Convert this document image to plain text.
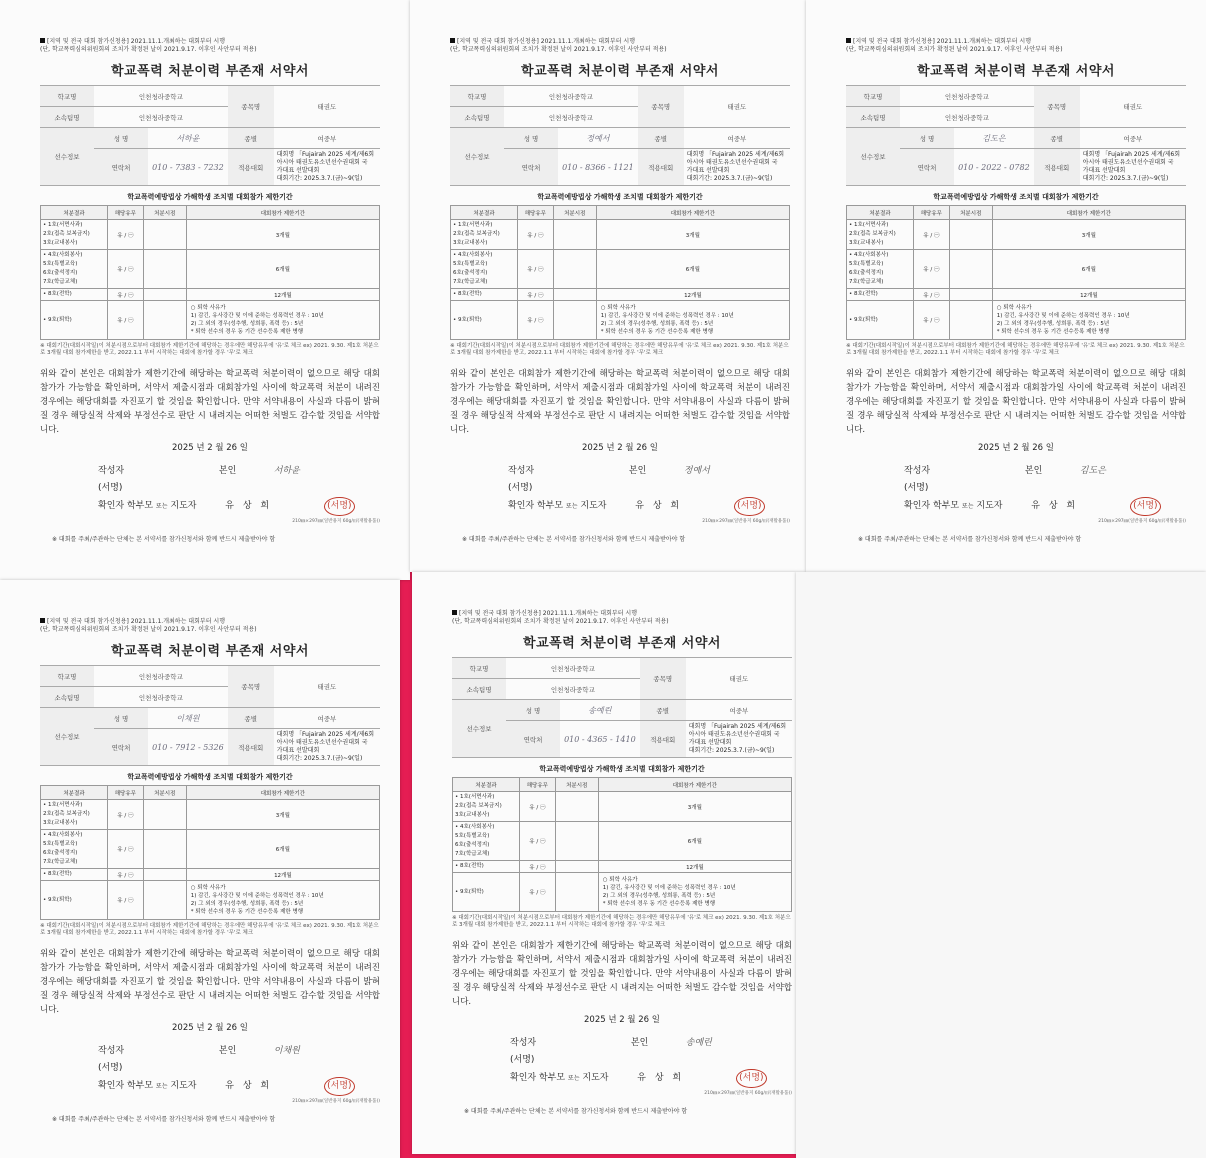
[지역 및 전국 대회 참가신청용] 2021.11.1.개최하는 대회부터 시행
(단, 학교폭력심의위원회의 조치가 확정된 날이 2021.9.17. 이후인 사안부터 적용)
학교폭력 처분이력 부존재 서약서
학교명	인천청라중학교		종목명	태권도
소속팀명	인천청라중학교			
선수정보	성 명	서하윤	종별	여중부
	연락처	010 - 7383 - 7232	적용대회	대회명 「Fujairah 2025 세계/제6회
아시아 태권도유소년선수권대회 국
가대표 선발대회
대회기간: 2025.3.7.(금)~9(일)
학교폭력예방법상 가해학생 조치별 대회참가 제한기간
처분결과	해당유무	처분시점	대회참가 제한기간

• 1호(서면사과)
2호(접촉 보복금지)
3호(교내봉사)	유 / ㊀		3개월

• 4호(사회봉사)
5호(특별교육)
6호(출석정지)
7호(학급교체)	유 / ㊀		6개월
• 8호(전학)	유 / ㊀		12개월
• 9호(퇴학)	유 / ㊀		○ 퇴학 사유가
1) 감긴, 유사강간 및 이에 준하는 성폭력인 경우 : 10년
2) 그 외의 경우(성추행, 성희롱, 폭력 등) : 5년
* 퇴학 선수의 경우 동 기간 선수등록 제한 병행
※ 대회기간(대회시작일)이 처분시점으로부터 대회참가 제한기간에 해당하는 경우에만 해당유무에 '유'로 체크 ex) 2021. 9.30. 제1호 처분으로 3개월 대회 참가제한을 받고, 2022.1.1 부터 시작하는 대회에 참가할 경우 '무'로 체크
위와 같이 본인은 대회참가 제한기간에 해당하는 학교폭력 처분이력이 없으므로 해당 대회 참가가 가능함을 확인하며, 서약서 제출시점과 대회참가일 사이에 학교폭력 처분이 내려진 경우에는 해당대회를 자진포기 할 것임을 확인합니다. 만약 서약내용이 사실과 다름이 밝혀질 경우 해당실적 삭제와 부정선수로 판단 시 내려지는 어떠한 처벌도 감수할 것임을 서약합니다.
2025 년 2 월 26 일
작성자	본인	서하윤 (서명)
확인자 학부모 또는 지도자	유 상 희	(서명)
210㎜×297㎜(일반용지 60g/㎡(재활용품))
※ 대회를 주최/주관하는 단체는 본 서약서를 참가신청서와 함께 반드시 제출받아야 함
[지역 및 전국 대회 참가신청용] 2021.11.1.개최하는 대회부터 시행
(단, 학교폭력심의위원회의 조치가 확정된 날이 2021.9.17. 이후인 사안부터 적용)
학교폭력 처분이력 부존재 서약서
학교명	인천청라중학교		종목명	태권도
소속팀명	인천청라중학교			
선수정보	성 명	정예서	종별	여중부
	연락처	010 - 8366 - 1121	적용대회	대회명 「Fujairah 2025 세계/제6회
아시아 태권도유소년선수권대회 국
가대표 선발대회
대회기간: 2025.3.7.(금)~9(일)
학교폭력예방법상 가해학생 조치별 대회참가 제한기간
처분결과	해당유무	처분시점	대회참가 제한기간

• 1호(서면사과)
2호(접촉 보복금지)
3호(교내봉사)	유 / ㊀		3개월

• 4호(사회봉사)
5호(특별교육)
6호(출석정지)
7호(학급교체)	유 / ㊀		6개월
• 8호(전학)	유 / ㊀		12개월
• 9호(퇴학)	유 / ㊀		○ 퇴학 사유가
1) 감긴, 유사강간 및 이에 준하는 성폭력인 경우 : 10년
2) 그 외의 경우(성추행, 성희롱, 폭력 등) : 5년
* 퇴학 선수의 경우 동 기간 선수등록 제한 병행
※ 대회기간(대회시작일)이 처분시점으로부터 대회참가 제한기간에 해당하는 경우에만 해당유무에 '유'로 체크 ex) 2021. 9.30. 제1호 처분으로 3개월 대회 참가제한을 받고, 2022.1.1 부터 시작하는 대회에 참가할 경우 '무'로 체크
위와 같이 본인은 대회참가 제한기간에 해당하는 학교폭력 처분이력이 없으므로 해당 대회 참가가 가능함을 확인하며, 서약서 제출시점과 대회참가일 사이에 학교폭력 처분이 내려진 경우에는 해당대회를 자진포기 할 것임을 확인합니다. 만약 서약내용이 사실과 다름이 밝혀질 경우 해당실적 삭제와 부정선수로 판단 시 내려지는 어떠한 처벌도 감수할 것임을 서약합니다.
2025 년 2 월 26 일
작성자	본인	정예서 (서명)
확인자 학부모 또는 지도자	유 상 희	(서명)
210㎜×297㎜(일반용지 60g/㎡(재활용품))
※ 대회를 주최/주관하는 단체는 본 서약서를 참가신청서와 함께 반드시 제출받아야 함
[지역 및 전국 대회 참가신청용] 2021.11.1.개최하는 대회부터 시행
(단, 학교폭력심의위원회의 조치가 확정된 날이 2021.9.17. 이후인 사안부터 적용)
학교폭력 처분이력 부존재 서약서
학교명	인천청라중학교		종목명	태권도
소속팀명	인천청라중학교			
선수정보	성 명	김도은	종별	여중부
	연락처	010 - 2022 - 0782	적용대회	대회명 「Fujairah 2025 세계/제6회
아시아 태권도유소년선수권대회 국
가대표 선발대회
대회기간: 2025.3.7.(금)~9(일)
학교폭력예방법상 가해학생 조치별 대회참가 제한기간
처분결과	해당유무	처분시점	대회참가 제한기간

• 1호(서면사과)
2호(접촉 보복금지)
3호(교내봉사)	유 / ㊀		3개월

• 4호(사회봉사)
5호(특별교육)
6호(출석정지)
7호(학급교체)	유 / ㊀		6개월
• 8호(전학)	유 / ㊀		12개월
• 9호(퇴학)	유 / ㊀		○ 퇴학 사유가
1) 감긴, 유사강간 및 이에 준하는 성폭력인 경우 : 10년
2) 그 외의 경우(성추행, 성희롱, 폭력 등) : 5년
* 퇴학 선수의 경우 동 기간 선수등록 제한 병행
※ 대회기간(대회시작일)이 처분시점으로부터 대회참가 제한기간에 해당하는 경우에만 해당유무에 '유'로 체크 ex) 2021. 9.30. 제1호 처분으로 3개월 대회 참가제한을 받고, 2022.1.1 부터 시작하는 대회에 참가할 경우 '무'로 체크
위와 같이 본인은 대회참가 제한기간에 해당하는 학교폭력 처분이력이 없으므로 해당 대회 참가가 가능함을 확인하며, 서약서 제출시점과 대회참가일 사이에 학교폭력 처분이 내려진 경우에는 해당대회를 자진포기 할 것임을 확인합니다. 만약 서약내용이 사실과 다름이 밝혀질 경우 해당실적 삭제와 부정선수로 판단 시 내려지는 어떠한 처벌도 감수할 것임을 서약합니다.
2025 년 2 월 26 일
작성자	본인	김도은 (서명)
확인자 학부모 또는 지도자	유 상 희	(서명)
210㎜×297㎜(일반용지 60g/㎡(재활용품))
※ 대회를 주최/주관하는 단체는 본 서약서를 참가신청서와 함께 반드시 제출받아야 함
[지역 및 전국 대회 참가신청용] 2021.11.1.개최하는 대회부터 시행
(단, 학교폭력심의위원회의 조치가 확정된 날이 2021.9.17. 이후인 사안부터 적용)
학교폭력 처분이력 부존재 서약서
학교명	인천청라중학교		종목명	태권도
소속팀명	인천청라중학교			
선수정보	성 명	이채원	종별	여중부
	연락처	010 - 7912 - 5326	적용대회	대회명 「Fujairah 2025 세계/제6회
아시아 태권도유소년선수권대회 국
가대표 선발대회
대회기간: 2025.3.7.(금)~9(일)
학교폭력예방법상 가해학생 조치별 대회참가 제한기간
처분결과	해당유무	처분시점	대회참가 제한기간

• 1호(서면사과)
2호(접촉 보복금지)
3호(교내봉사)	유 / ㊀		3개월

• 4호(사회봉사)
5호(특별교육)
6호(출석정지)
7호(학급교체)	유 / ㊀		6개월
• 8호(전학)	유 / ㊀		12개월
• 9호(퇴학)	유 / ㊀		○ 퇴학 사유가
1) 감긴, 유사강간 및 이에 준하는 성폭력인 경우 : 10년
2) 그 외의 경우(성추행, 성희롱, 폭력 등) : 5년
* 퇴학 선수의 경우 동 기간 선수등록 제한 병행
※ 대회기간(대회시작일)이 처분시점으로부터 대회참가 제한기간에 해당하는 경우에만 해당유무에 '유'로 체크 ex) 2021. 9.30. 제1호 처분으로 3개월 대회 참가제한을 받고, 2022.1.1 부터 시작하는 대회에 참가할 경우 '무'로 체크
위와 같이 본인은 대회참가 제한기간에 해당하는 학교폭력 처분이력이 없으므로 해당 대회 참가가 가능함을 확인하며, 서약서 제출시점과 대회참가일 사이에 학교폭력 처분이 내려진 경우에는 해당대회를 자진포기 할 것임을 확인합니다. 만약 서약내용이 사실과 다름이 밝혀질 경우 해당실적 삭제와 부정선수로 판단 시 내려지는 어떠한 처벌도 감수할 것임을 서약합니다.
2025 년 2 월 26 일
작성자	본인	이채원 (서명)
확인자 학부모 또는 지도자	유 상 희	(서명)
210㎜×297㎜(일반용지 60g/㎡(재활용품))
※ 대회를 주최/주관하는 단체는 본 서약서를 참가신청서와 함께 반드시 제출받아야 함
[지역 및 전국 대회 참가신청용] 2021.11.1.개최하는 대회부터 시행
(단, 학교폭력심의위원회의 조치가 확정된 날이 2021.9.17. 이후인 사안부터 적용)
학교폭력 처분이력 부존재 서약서
학교명	인천청라중학교		종목명	태권도
소속팀명	인천청라중학교			
선수정보	성 명	송예린	종별	여중부
	연락처	010 - 4365 - 1410	적용대회	대회명 「Fujairah 2025 세계/제6회
아시아 태권도유소년선수권대회 국
가대표 선발대회
대회기간: 2025.3.7.(금)~9(일)
학교폭력예방법상 가해학생 조치별 대회참가 제한기간
처분결과	해당유무	처분시점	대회참가 제한기간

• 1호(서면사과)
2호(접촉 보복금지)
3호(교내봉사)	유 / ㊀		3개월

• 4호(사회봉사)
5호(특별교육)
6호(출석정지)
7호(학급교체)	유 / ㊀		6개월
• 8호(전학)	유 / ㊀		12개월
• 9호(퇴학)	유 / ㊀		○ 퇴학 사유가
1) 감긴, 유사강간 및 이에 준하는 성폭력인 경우 : 10년
2) 그 외의 경우(성추행, 성희롱, 폭력 등) : 5년
* 퇴학 선수의 경우 동 기간 선수등록 제한 병행
※ 대회기간(대회시작일)이 처분시점으로부터 대회참가 제한기간에 해당하는 경우에만 해당유무에 '유'로 체크 ex) 2021. 9.30. 제1호 처분으로 3개월 대회 참가제한을 받고, 2022.1.1 부터 시작하는 대회에 참가할 경우 '무'로 체크
위와 같이 본인은 대회참가 제한기간에 해당하는 학교폭력 처분이력이 없으므로 해당 대회 참가가 가능함을 확인하며, 서약서 제출시점과 대회참가일 사이에 학교폭력 처분이 내려진 경우에는 해당대회를 자진포기 할 것임을 확인합니다. 만약 서약내용이 사실과 다름이 밝혀질 경우 해당실적 삭제와 부정선수로 판단 시 내려지는 어떠한 처벌도 감수할 것임을 서약합니다.
2025 년 2 월 26 일
작성자	본인	송예린 (서명)
확인자 학부모 또는 지도자	유 상 희	(서명)
210㎜×297㎜(일반용지 60g/㎡(재활용품))
※ 대회를 주최/주관하는 단체는 본 서약서를 참가신청서와 함께 반드시 제출받아야 함
